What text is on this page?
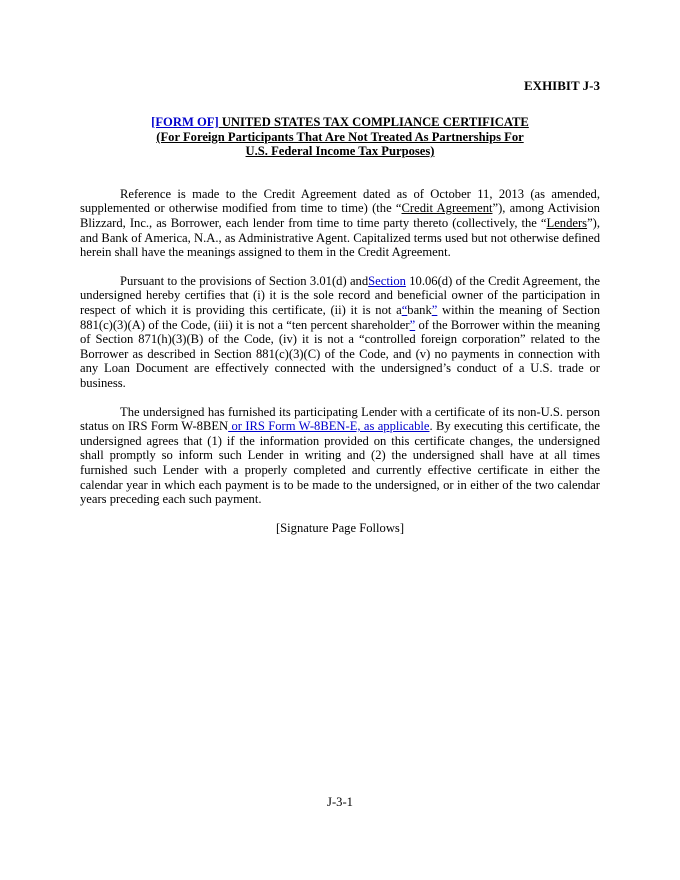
EXHIBIT J-3
[FORM OF] UNITED STATES TAX COMPLIANCE CERTIFICATE
(For Foreign Participants That Are Not Treated As Partnerships For
U.S. Federal Income Tax Purposes)

Reference is made to the Credit Agreement dated as of October 11, 2013 (as amended, supplemented or otherwise modified from time to time) (the “Credit Agreement”), among Activision Blizzard, Inc., as Borrower, each lender from time to time party thereto (collectively, the “Lenders”), and Bank of America, N.A., as Administrative Agent. Capitalized terms used but not otherwise defined herein shall have the meanings assigned to them in the Credit Agreement.

Pursuant to the provisions of Section 3.01(d) andSection 10.06(d) of the Credit Agreement, the undersigned hereby certifies that (i) it is the sole record and beneficial owner of the participation in respect of which it is providing this certificate, (ii) it is not a“bank” within the meaning of Section 881(c)(3)(A) of the Code, (iii) it is not a “ten percent shareholder” of the Borrower within the meaning of Section 871(h)(3)(B) of the Code, (iv) it is not a “controlled foreign corporation” related to the Borrower as described in Section 881(c)(3)(C) of the Code, and (v) no payments in connection with any Loan Document are effectively connected with the undersigned’s conduct of a U.S. trade or business.

The undersigned has furnished its participating Lender with a certificate of its non-U.S. person status on IRS Form W-8BEN or IRS Form W-8BEN-E, as applicable. By executing this certificate, the undersigned agrees that (1) if the information provided on this certificate changes, the undersigned shall promptly so inform such Lender in writing and (2) the undersigned shall have at all times furnished such Lender with a properly completed and currently effective certificate in either the calendar year in which each payment is to be made to the undersigned, or in either of the two calendar years preceding each such payment.

[Signature Page Follows]
J-3-1
